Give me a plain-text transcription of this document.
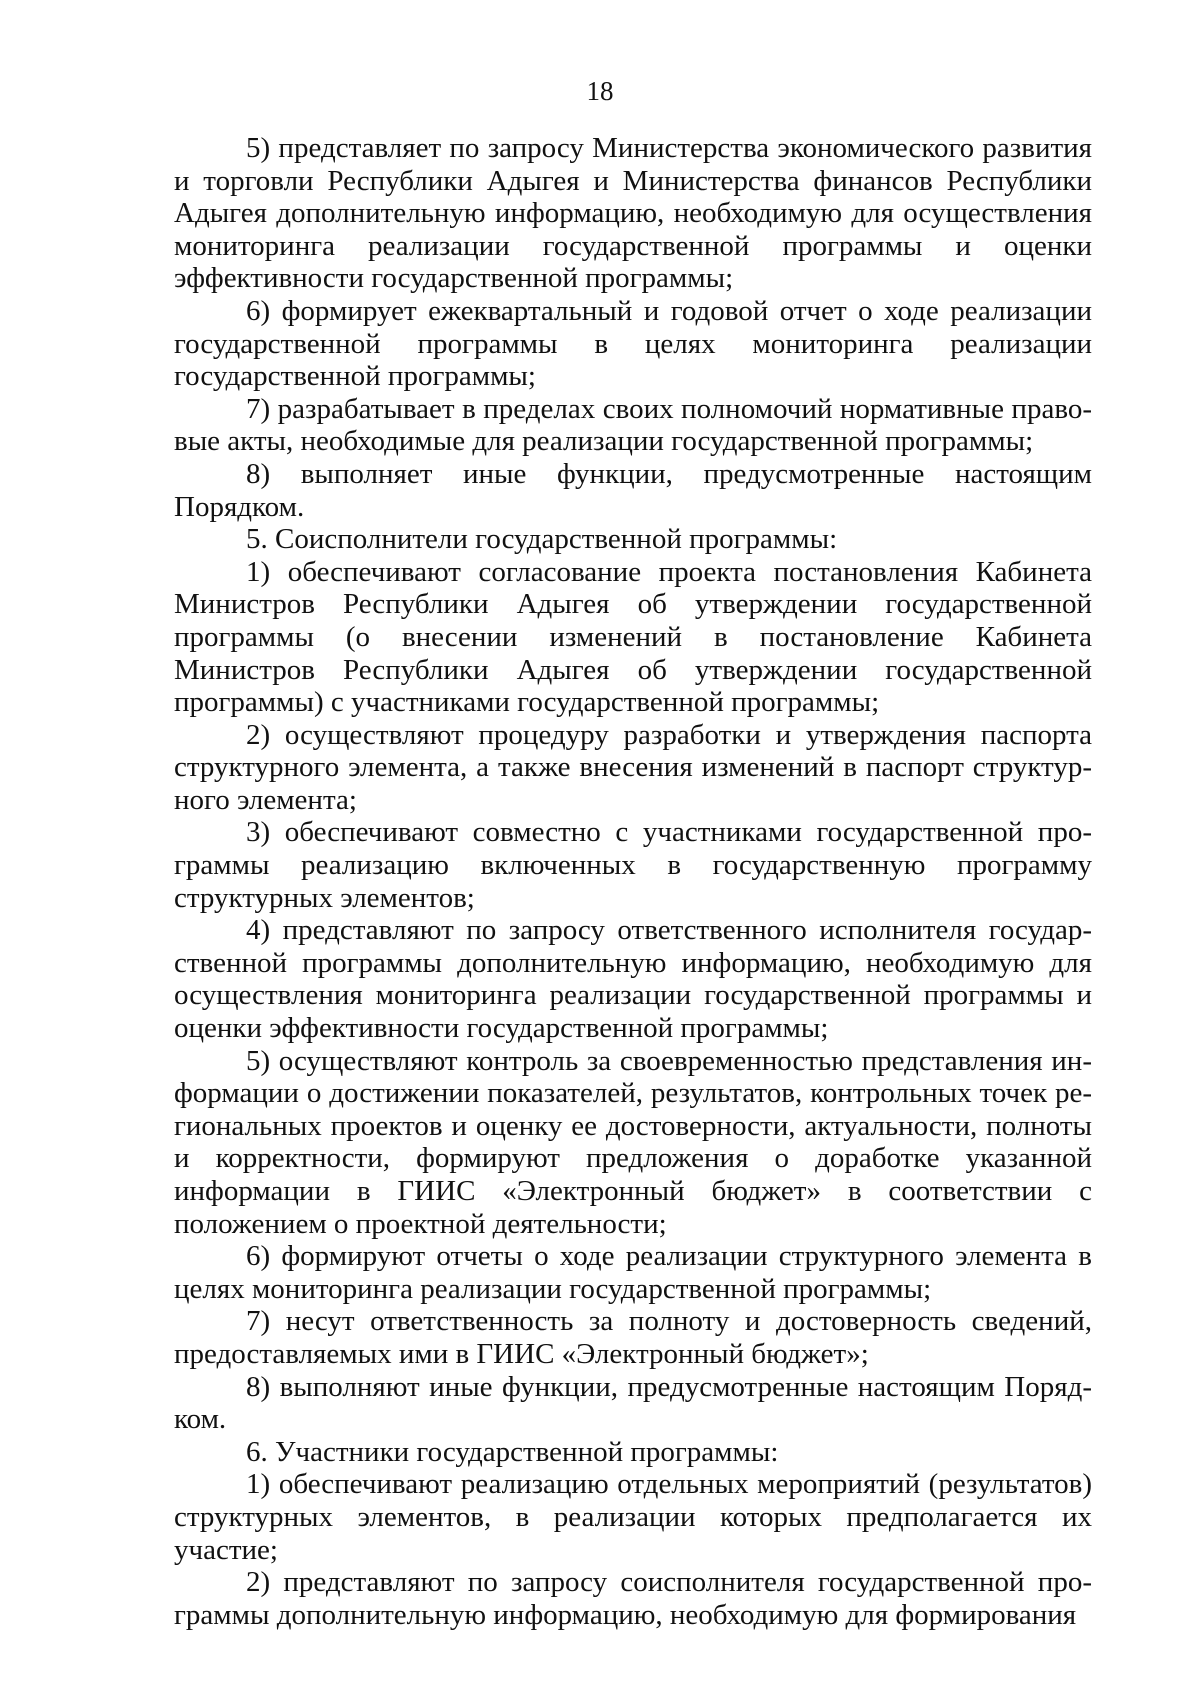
18

5) представляет по запросу Министерства экономического развития и торговли Республики Адыгея и Министерства финансов Республики Адыгея дополнительную информацию, необходимую для осуществления мониторинга реализации государственной программы и оценки эффективности государственной программы;

6) формирует ежеквартальный и годовой отчет о ходе реализации государственной программы в целях мониторинга реализации государственной программы;

7) разрабатывает в пределах своих полномочий нормативные правовые акты, необходимые для реализации государственной программы;

8) выполняет иные функции, предусмотренные настоящим Порядком.

5. Соисполнители государственной программы:

1) обеспечивают согласование проекта постановления Кабинета Министров Республики Адыгея об утверждении государственной программы (о внесении изменений в постановление Кабинета Министров Республики Адыгея об утверждении государственной программы) с участниками государственной программы;

2) осуществляют процедуру разработки и утверждения паспорта структурного элемента, а также внесения изменений в паспорт структурного элемента;

3) обеспечивают совместно с участниками государственной программы реализацию включенных в государственную программу структурных элементов;

4) представляют по запросу ответственного исполнителя государственной программы дополнительную информацию, необходимую для осуществления мониторинга реализации государственной программы и оценки эффективности государственной программы;

5) осуществляют контроль за своевременностью представления информации о достижении показателей, результатов, контрольных точек региональных проектов и оценку ее достоверности, актуальности, полноты и корректности, формируют предложения о доработке указанной информации в ГИИС «Электронный бюджет» в соответствии с положением о проектной деятельности;

6) формируют отчеты о ходе реализации структурного элемента в целях мониторинга реализации государственной программы;

7) несут ответственность за полноту и достоверность сведений, предоставляемых ими в ГИИС «Электронный бюджет»;

8) выполняют иные функции, предусмотренные настоящим Порядком.

6. Участники государственной программы:

1) обеспечивают реализацию отдельных мероприятий (результатов) структурных элементов, в реализации которых предполагается их участие;

2) представляют по запросу соисполнителя государственной программы дополнительную информацию, необходимую для формирования
